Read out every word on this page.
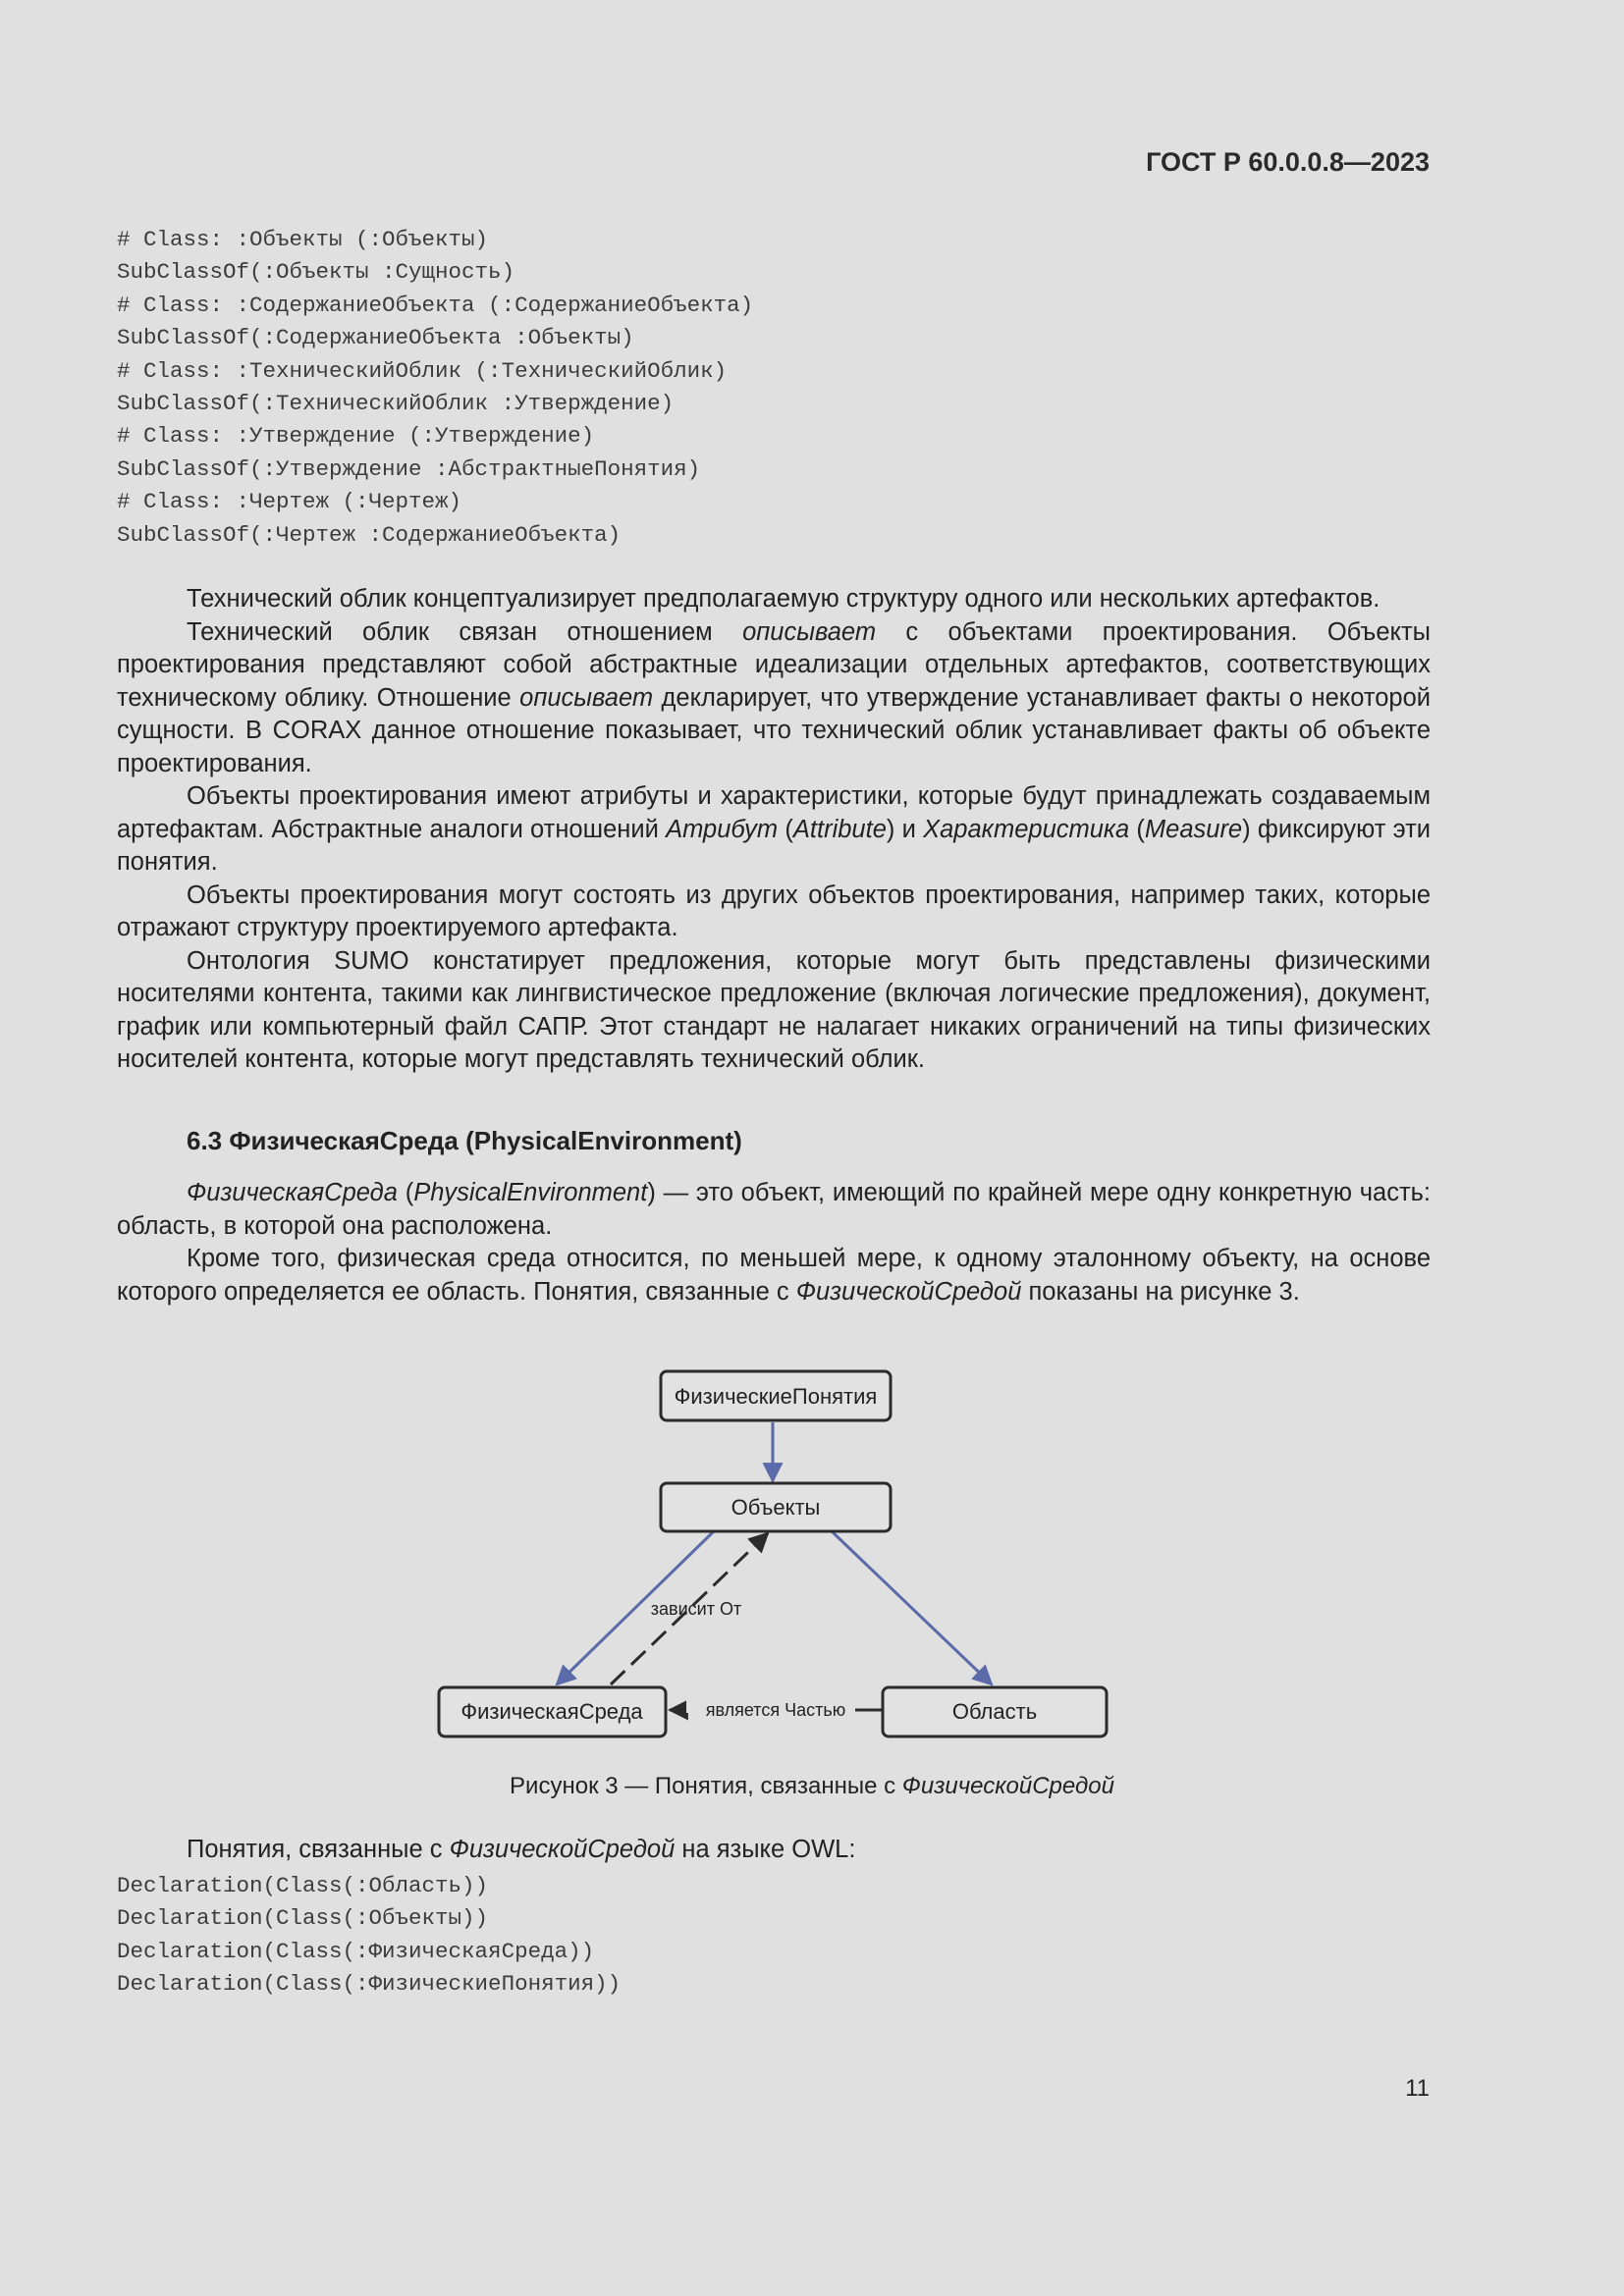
ГОСТ Р 60.0.0.8—2023
# Class: :Объекты (:Объекты)
SubClassOf(:Объекты :Сущность)
# Class: :СодержаниеОбъекта (:СодержаниеОбъекта)
SubClassOf(:СодержаниеОбъекта :Объекты)
# Class: :ТехническийОблик (:ТехническийОблик)
SubClassOf(:ТехническийОблик :Утверждение)
# Class: :Утверждение (:Утверждение)
SubClassOf(:Утверждение :АбстрактныеПонятия)
# Class: :Чертеж (:Чертеж)
SubClassOf(:Чертеж :СодержаниеОбъекта)

Технический облик концептуализирует предполагаемую структуру одного или нескольких артефактов.

Технический облик связан отношением описывает с объектами проектирования. Объекты проектирования представляют собой абстрактные идеализации отдельных артефактов, соответствующих техническому облику. Отношение описывает декларирует, что утверждение устанавливает факты о некоторой сущности. В CORAX данное отношение показывает, что технический облик устанавливает факты об объекте проектирования.

Объекты проектирования имеют атрибуты и характеристики, которые будут принадлежать создаваемым артефактам. Абстрактные аналоги отношений Атрибут (Attribute) и Характеристика (Measure) фиксируют эти понятия.

Объекты проектирования могут состоять из других объектов проектирования, например таких, которые отражают структуру проектируемого артефакта.

Онтология SUMO констатирует предложения, которые могут быть представлены физическими носителями контента, такими как лингвистическое предложение (включая логические предложения), документ, график или компьютерный файл САПР. Этот стандарт не налагает никаких ограничений на типы физических носителей контента, которые могут представлять технический облик.

6.3 ФизическаяСреда (PhysicalEnvironment)

ФизическаяСреда (PhysicalEnvironment) — это объект, имеющий по крайней мере одну конкретную часть: область, в которой она расположена.

Кроме того, физическая среда относится, по меньшей мере, к одному эталонному объекту, на основе которого определяется ее область. Понятия, связанные с ФизическойСредой показаны на рисунке 3.

ФизическиеПонятия
Объекты
ФизическаяСреда	Область
зависит От
является Частью
Рисунок 3 — Понятия, связанные с ФизическойСредой
Понятия, связанные с ФизическойСредой на языке OWL:
Declaration(Class(:Область))
Declaration(Class(:Объекты))
Declaration(Class(:ФизическаяСреда))
Declaration(Class(:ФизическиеПонятия))
11
